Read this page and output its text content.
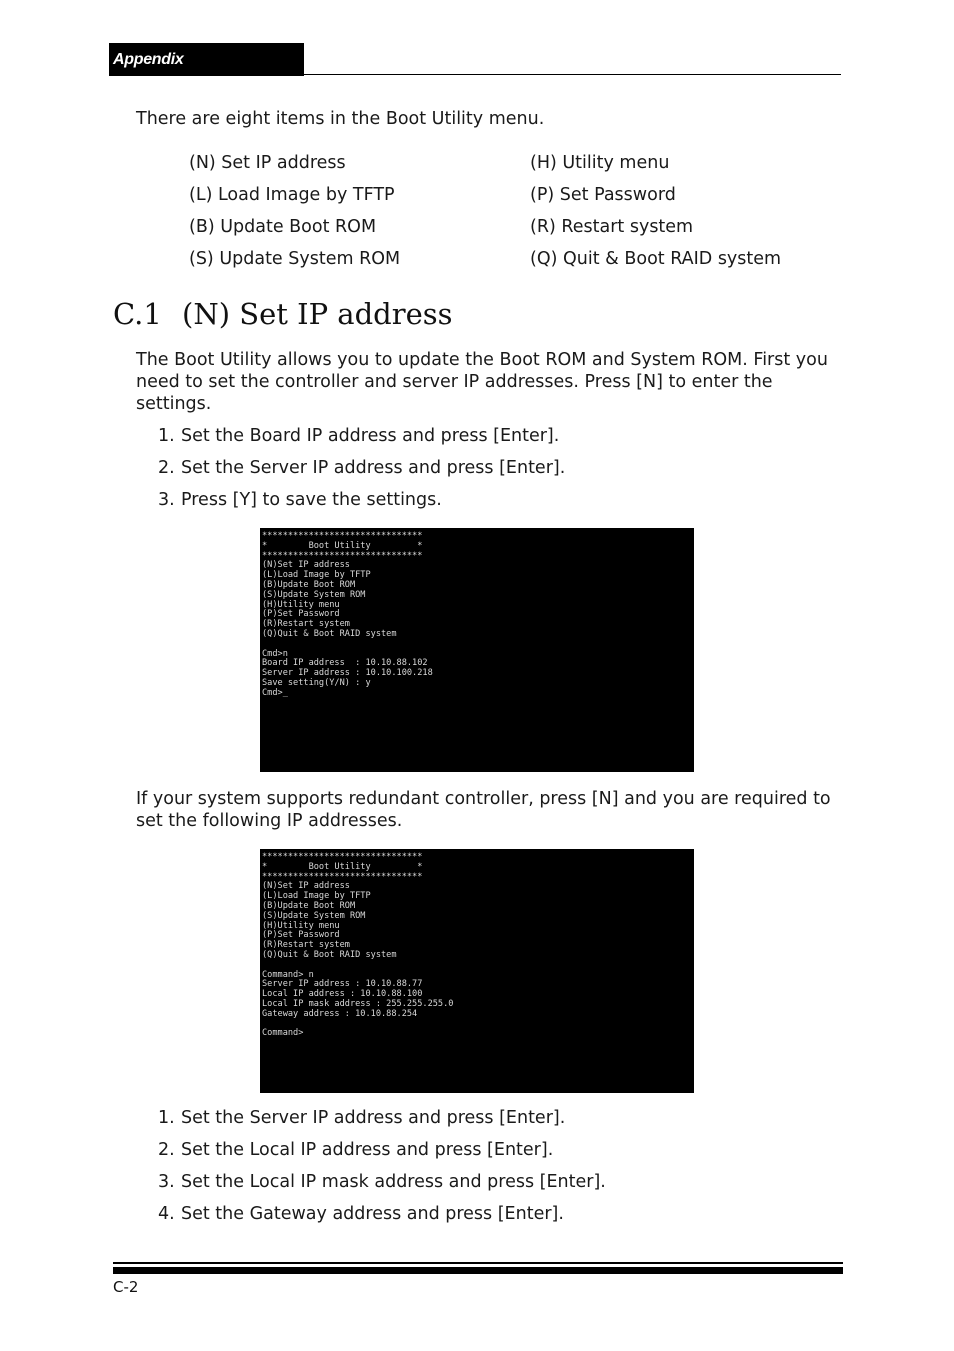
Appendix
There are eight items in the Boot Utility menu.
(N) Set IP address
(L) Load Image by TFTP
(B) Update Boot ROM
(S) Update System ROM
(H) Utility menu
(P) Set Password
(R) Restart system
(Q) Quit & Boot RAID system
C.1 (N) Set IP address
The Boot Utility allows you to update the Boot ROM and System ROM. First you need to set the controller and server IP addresses. Press [N] to enter the settings.
1. Set the Board IP address and press [Enter].
2. Set the Server IP address and press [Enter].
3. Press [Y] to save the settings.
*******************************
*        Boot Utility         *
*******************************
(N)Set IP address
(L)Load Image by TFTP
(B)Update Boot ROM
(S)Update System ROM
(H)Utility menu
(P)Set Password
(R)Restart system
(Q)Quit & Boot RAID system
Cmd>n
Board IP address  : 10.10.88.102
Server IP address : 10.10.100.218
Save setting(Y/N) : y
Cmd>_
If your system supports redundant controller, press [N] and you are required to set the following IP addresses.
*******************************
*        Boot Utility         *
*******************************
(N)Set IP address
(L)Load Image by TFTP
(B)Update Boot ROM
(S)Update System ROM
(H)Utility menu
(P)Set Password
(R)Restart system
(Q)Quit & Boot RAID system
Command> n
Server IP address : 10.10.88.77
Local IP address : 10.10.88.100
Local IP mask address : 255.255.255.0
Gateway address : 10.10.88.254
Command>
1. Set the Server IP address and press [Enter].
2. Set the Local IP address and press [Enter].
3. Set the Local IP mask address and press [Enter].
4. Set the Gateway address and press [Enter].
C-2
